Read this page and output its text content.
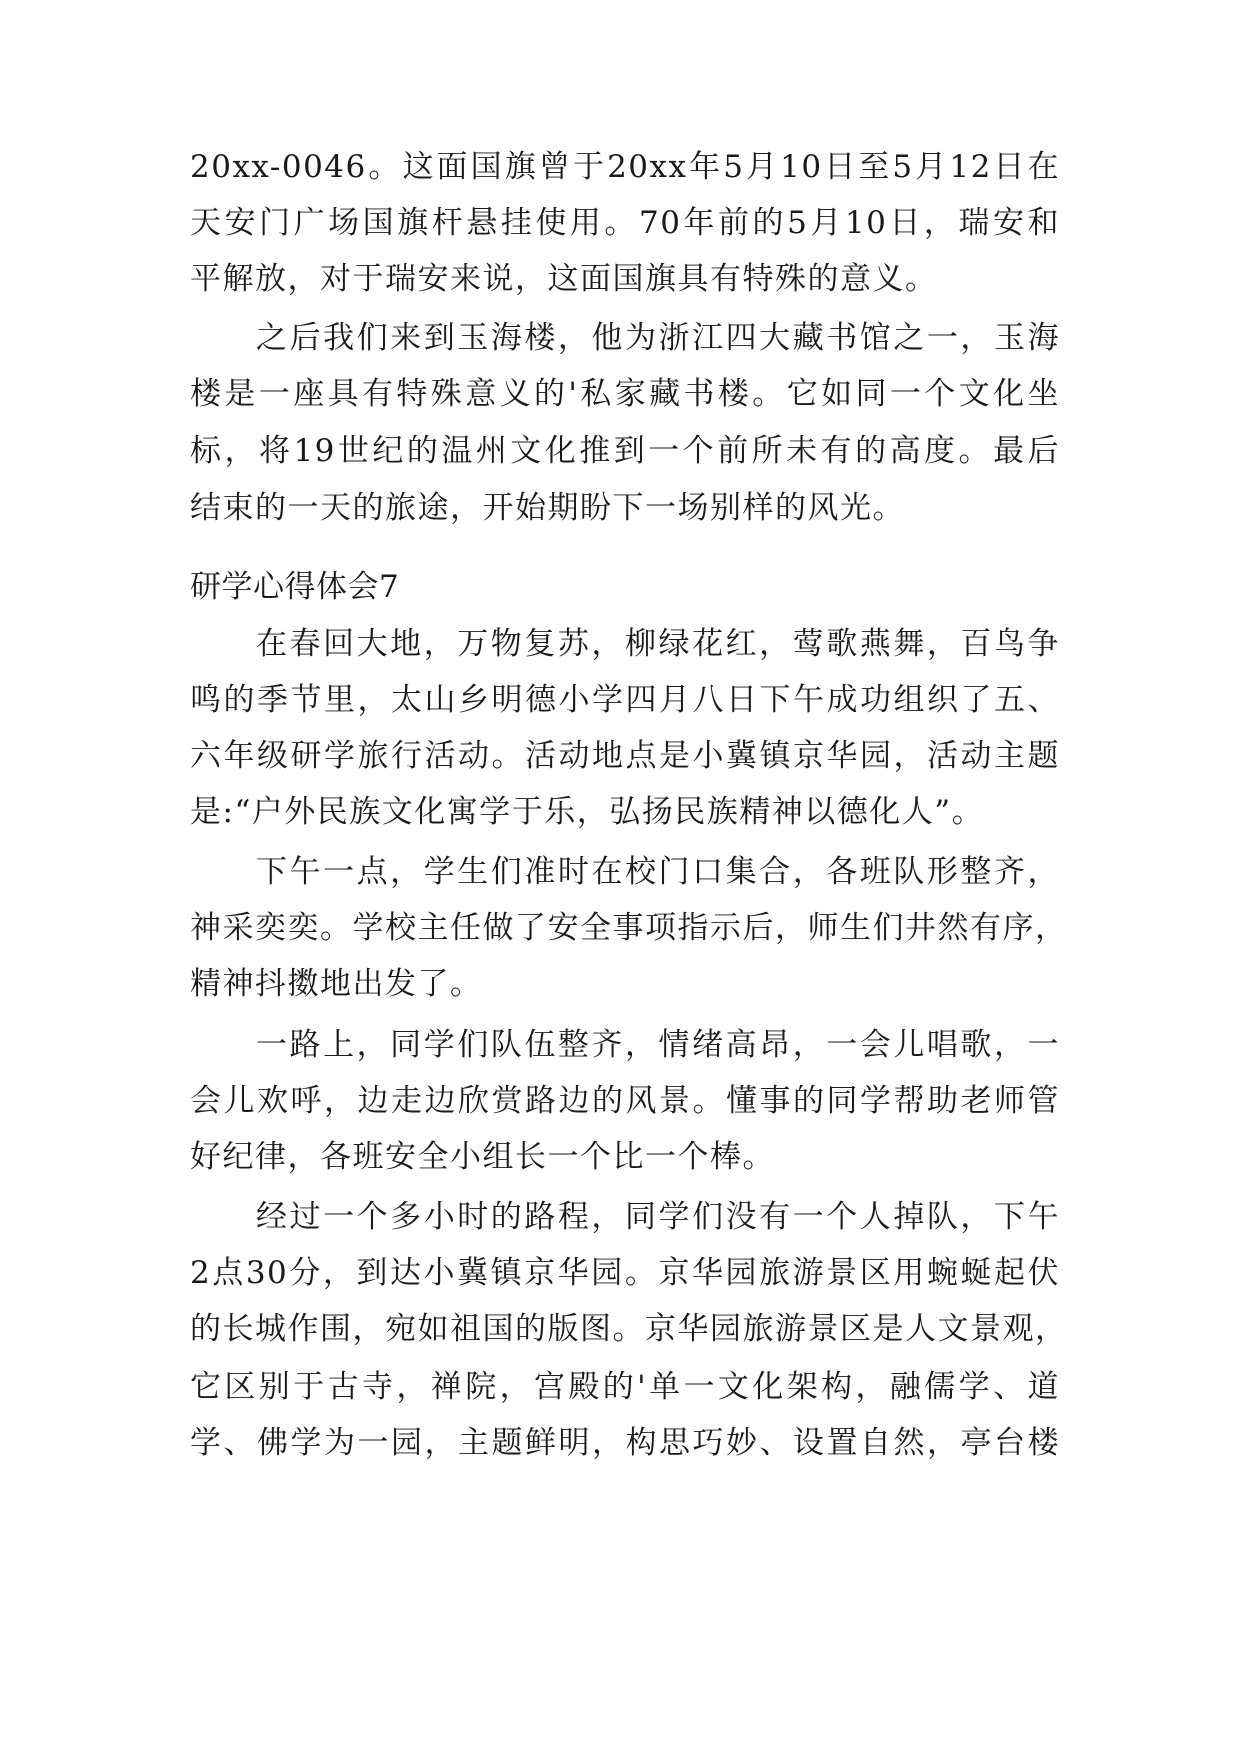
20xx-0046。这面国旗曾于20xx年5月10日至5月12日在
天安门广场国旗杆悬挂使用。70年前的5月10日，瑞安和
平解放，对于瑞安来说，这面国旗具有特殊的意义。
之后我们来到玉海楼，他为浙江四大藏书馆之一，玉海
楼是一座具有特殊意义的'私家藏书楼。它如同一个文化坐
标，将19世纪的温州文化推到一个前所未有的高度。最后
结束的一天的旅途，开始期盼下一场别样的风光。
研学心得体会7
在春回大地，万物复苏，柳绿花红，莺歌燕舞，百鸟争
鸣的季节里，太山乡明德小学四月八日下午成功组织了五、
六年级研学旅行活动。活动地点是小冀镇京华园，活动主题
是:“户外民族文化寓学于乐，弘扬民族精神以德化人”。
下午一点，学生们准时在校门口集合，各班队形整齐，
神采奕奕。学校主任做了安全事项指示后，师生们井然有序，
精神抖擞地出发了。
一路上，同学们队伍整齐，情绪高昂，一会儿唱歌，一
会儿欢呼，边走边欣赏路边的风景。懂事的同学帮助老师管
好纪律，各班安全小组长一个比一个棒。
经过一个多小时的路程，同学们没有一个人掉队，下午
2点30分，到达小冀镇京华园。京华园旅游景区用蜿蜒起伏
的长城作围，宛如祖国的版图。京华园旅游景区是人文景观，
它区别于古寺，禅院，宫殿的'单一文化架构，融儒学、道
学、佛学为一园，主题鲜明，构思巧妙、设置自然，亭台楼
